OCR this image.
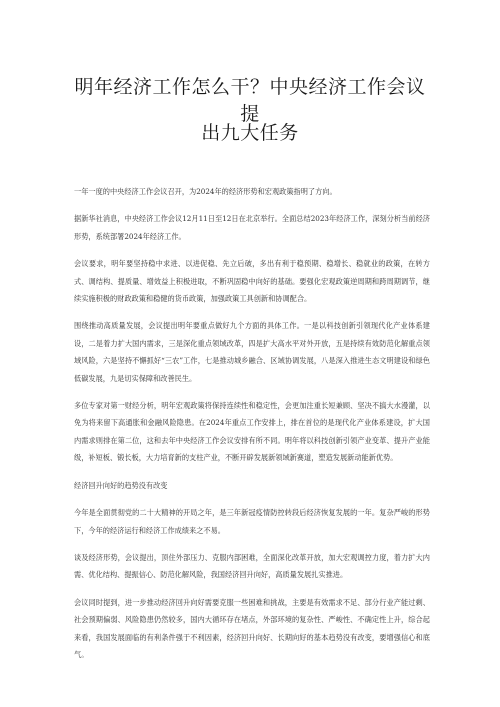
明年经济工作怎么干？中央经济工作会议提
出九大任务

一年一度的中央经济工作会议召开，为2024年的经济形势和宏观政策指明了方向。

据新华社消息，中央经济工作会议12月11日至12日在北京举行。全面总结2023年经济工作，深刻分析当前经济形势，系统部署2024年经济工作。

会议要求，明年要坚持稳中求进、以进促稳、先立后破，多出有利于稳预期、稳增长、稳就业的政策，在转方式、调结构、提质量、增效益上积极进取，不断巩固稳中向好的基础。要强化宏观政策逆周期和跨周期调节，继续实施积极的财政政策和稳健的货币政策，加强政策工具创新和协调配合。

围绕推动高质量发展，会议提出明年要重点做好九个方面的具体工作。一是以科技创新引领现代化产业体系建设，二是着力扩大国内需求，三是深化重点领域改革，四是扩大高水平对外开放，五是持续有效防范化解重点领域风险，六是坚持不懈抓好“三农”工作，七是推动城乡融合、区域协调发展，八是深入推进生态文明建设和绿色低碳发展，九是切实保障和改善民生。

多位专家对第一财经分析，明年宏观政策将保持连续性和稳定性，会更加注重长短兼顾、坚决不搞大水漫灌，以免为将来留下高通胀和金融风险隐患。在2024年重点工作安排上，排在首位的是现代化产业体系建设，扩大国内需求则排在第二位，这和去年中央经济工作会议安排有所不同。明年将以科技创新引领产业变革、提升产业能级，补短板、锻长板，大力培育新的支柱产业，不断开辟发展新领域新赛道，塑造发展新动能新优势。

经济回升向好的趋势没有改变

今年是全面贯彻党的二十大精神的开局之年，是三年新冠疫情防控转段后经济恢复发展的一年。复杂严峻的形势下，今年的经济运行和经济工作成绩来之不易。

谈及经济形势，会议提出，顶住外部压力、克服内部困难，全面深化改革开放，加大宏观调控力度，着力扩大内需、优化结构、提振信心、防范化解风险，我国经济回升向好，高质量发展扎实推进。

会议同时提到，进一步推动经济回升向好需要克服一些困难和挑战，主要是有效需求不足、部分行业产能过剩、社会预期偏弱、风险隐患仍然较多，国内大循环存在堵点，外部环境的复杂性、严峻性、不确定性上升，综合起来看，我国发展面临的有利条件强于不利因素，经济回升向好、长期向好的基本趋势没有改变，要增强信心和底气。
